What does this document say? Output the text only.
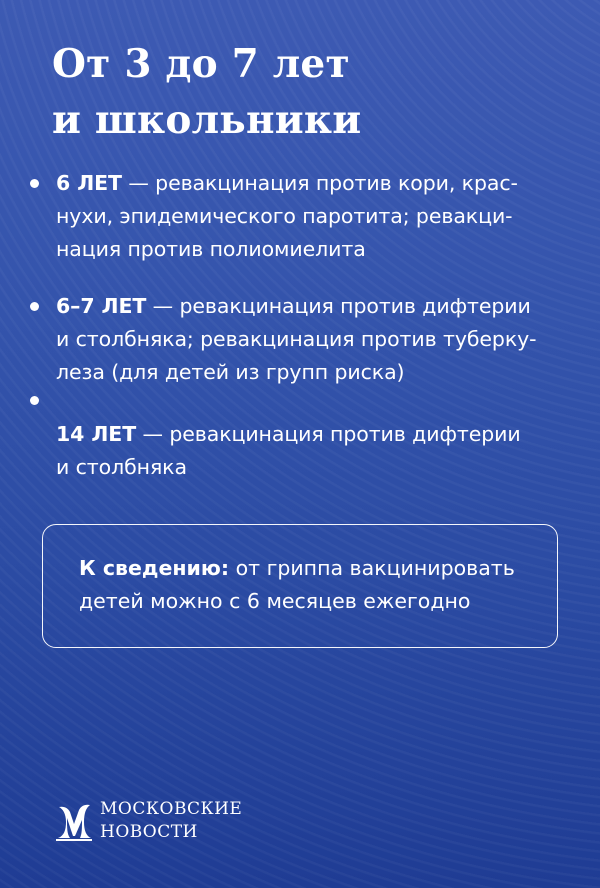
От 3 до 7 лет
и школьники
6 ЛЕТ — ревакцинация против кори, крас-
нухи, эпидемического паротита; ревакци-
нация против полиомиелита
6–7 ЛЕТ — ревакцинация против дифтерии
и столбняка; ревакцинация против туберку-
леза (для детей из групп риска)
14 ЛЕТ — ревакцинация против дифтерии
и столбняка
К сведению: от гриппа вакцинировать
детей можно с 6 месяцев ежегодно
МОСКОВСКИЕ
НОВОСТИ
